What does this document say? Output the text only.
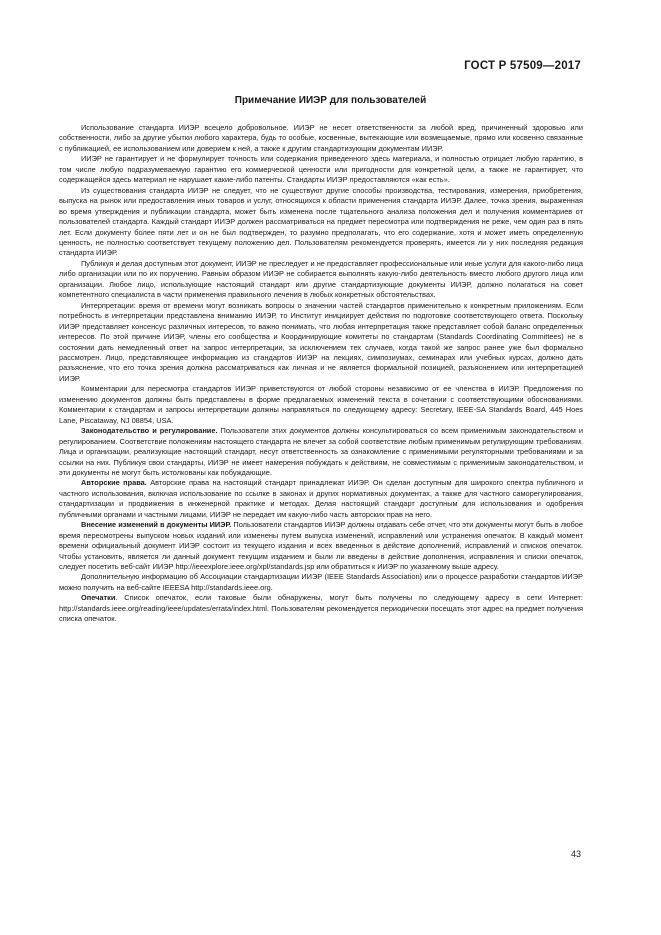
ГОСТ Р 57509—2017
Примечание ИИЭР для пользователей

Использование стандарта ИИЭР всецело добровольное. ИИЭР не несет ответственности за любой вред, причиненный здоровью или собственности, либо за другие убытки любого характера, будь то особые, косвенные, вытекающие или возмещаемые, прямо или косвенно связанные с публикацией, ее использованием или доверием к ней, а также к другим стандартизующим документам ИИЭР.

ИИЭР не гарантирует и не формулирует точность или содержания приведенного здесь материала, и полностью отрицает любую гарантию, в том числе любую подразумеваемую гарантию его коммерческой ценности или пригодности для конкретной цели, а также не гарантирует, что содержащейся здесь материал не нарушает какие-либо патенты. Стандарты ИИЭР предоставляются «как есть».

Из существования стандарта ИИЭР не следует, что не существуют другие способы производства, тестирования, измерения, приобретения, выпуска на рынок или предоставления иных товаров и услуг, относящихся к области применения стандарта ИИЭР. Далее, точка зрения, выраженная во время утверждения и публикации стандарта, может быть изменена после тщательного анализа положения дел и получения комментариев от пользователей стандарта. Каждый стандарт ИИЭР должен рассматриваться на предмет пересмотра или подтверждения не реже, чем один раз в пять лет. Если документу более пяти лет и он не был подтвержден, то разумно предполагать, что его содержание, хотя и может иметь определенную ценность, не полностью соответствует текущему положению дел. Пользователям рекомендуется проверять, имеется ли у них последняя редакция стандарта ИИЭР.

Публикуя и делая доступным этот документ, ИИЭР не преследует и не предоставляет профессиональные или иные услуги для какого-либо лица либо организации или по их поручению. Равным образом ИИЭР не собирается выполнять какую-либо деятельность вместо любого другого лица или организации. Любое лицо, использующие настоящий стандарт или другие стандартизующие документы ИИЭР, должно полагаться на совет компетентного специалиста в части применения правильного лечения в любых конкретных обстоятельствах.

Интерпретации: время от времени могут возникать вопросы о значении частей стандартов применительно к конкретным приложениям. Если потребность в интерпретации представлена вниманию ИИЭР, то Институт инициирует действия по подготовке соответствующего ответа. Поскольку ИИЭР представляет консенсус различных интересов, то важно понимать, что любая интерпретация также представляет собой баланс определенных интересов. По этой причине ИИЭР, члены его сообщества и Координирующие комитеты по стандартам (Standards Coordinating Committees) не в состоянии дать немедленный ответ на запрос интерпретации, за исключением тех случаев, когда такой же запрос ранее уже был формально рассмотрен. Лицо, представляющее информацию из стандартов ИИЭР на лекциях, симпозиумах, семинарах или учебных курсах, должно дать разъяснение, что его точка зрения должна рассматриваться как личная и не является формальной позицией, разъяснением или интерпретацией ИИЭР.

Комментарии для пересмотра стандартов ИИЭР приветствуются от любой стороны независимо от ее членства в ИИЭР. Предложения по изменению документов должны быть представлены в форме предлагаемых изменений текста в сочетании с соответствующими обоснованиями. Комментарии к стандартам и запросы интерпретации должны направляться по следующему адресу: Secretary, IEEE-SA Standards Board, 445 Hoes Lane, Piscataway, NJ 08854, USA.

Законодательство и регулирование. Пользователи этих документов должны консультироваться со всем применимым законодательством и регулированием. Соответствие положениям настоящего стандарта не влечет за собой соответствие любым применимым регулирующим требованиям. Лица и организации, реализующие настоящий стандарт, несут ответственность за ознакомление с применимыми регуляторными требованиями и за ссылки на них. Публикуя свои стандарты, ИИЭР не имеет намерения побуждать к действиям, не совместимым с применимым законодательством, и эти документы не могут быть истолкованы как побуждающие.

Авторские права. Авторские права на настоящий стандарт принадлежат ИИЭР. Он сделан доступным для широкого спектра публичного и частного использования, включая использование по ссылке в законах и других нормативных документах, а также для частного саморегулирования, стандартизации и продвижения в инженерной практике и методах. Делая настоящий стандарт доступным для использования и одобрения публичными органами и частными лицами, ИИЭР не передает им какую-либо часть авторских прав на него.

Внесение изменений в документы ИИЭР. Пользователи стандартов ИИЭР должны отдавать себе отчет, что эти документы могут быть в любое время пересмотрены выпуском новых изданий или изменены путем выпуска изменений, исправлений или устранения опечаток. В каждый момент времени официальный документ ИИЭР состоит из текущего издания и всех введенных в действие дополнений, исправлений и списков опечаток. Чтобы установить, является ли данный документ текущим изданием и были ли введены в действие дополнения, исправления и списки опечаток, следует посетить веб-сайт ИИЭР http://ieeexplore.ieee.org/xpl/standards.jsp или обратиться к ИИЭР по указанному выше адресу.

Дополнительную информацию об Ассоциации стандартизации ИИЭР (IEEE Standards Association) или о процессе разработки стандартов ИИЭР можно получить на веб-сайте IEEESA http://standards.ieee.org.

Опечатки. Список опечаток, если таковые были обнаружены, могут быть получены по следующему адресу в сети Интернет: http://standards.ieee.org/reading/ieee/updates/errata/index.html. Пользователям рекомендуется периодически посещать этот адрес на предмет получения списка опечаток.

43
